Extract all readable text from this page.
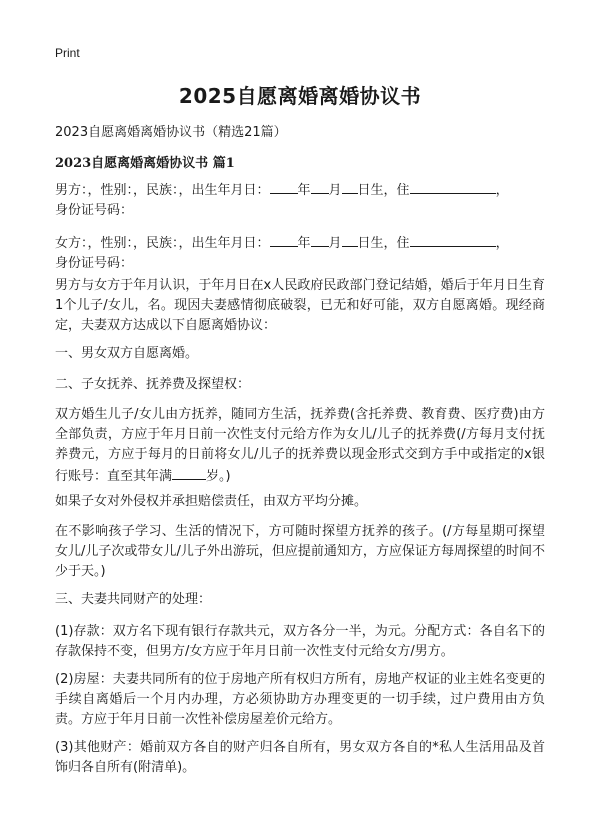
Print
2025自愿离婚离婚协议书
2023自愿离婚离婚协议书（精选21篇）
2023自愿离婚离婚协议书 篇1
男方：，性别：，民族：，出生年月日： 年 月 日生，住	，
身份证号码：
女方：，性别：，民族：，出生年月日： 年 月 日生，住	，
身份证号码：
男方与女方于年月认识，于年月日在x人民政府民政部门登记结婚，婚后于年月日生育1个儿子/女儿，名。现因夫妻感情彻底破裂，已无和好可能，双方自愿离婚。现经商定，夫妻双方达成以下自愿离婚协议：
一、男女双方自愿离婚。
二、子女抚养、抚养费及探望权：
双方婚生儿子/女儿由方抚养，随同方生活，抚养费(含托养费、教育费、医疗费)由方全部负责，方应于年月日前一次性支付元给方作为女儿/儿子的抚养费(/方每月支付抚养费元，方应于每月的日前将女儿/儿子的抚养费以现金形式交到方手中或指定的x银行账号：直至其年满	岁。)
如果子女对外侵权并承担赔偿责任，由双方平均分摊。
在不影响孩子学习、生活的情况下，方可随时探望方抚养的孩子。(/方每星期可探望女儿/儿子次或带女儿/儿子外出游玩，但应提前通知方，方应保证方每周探望的时间不少于天。)
三、夫妻共同财产的处理：
(1)存款：双方名下现有银行存款共元，双方各分一半，为元。分配方式：各自名下的存款保持不变，但男方/女方应于年月日前一次性支付元给女方/男方。
(2)房屋：夫妻共同所有的位于房地产所有权归方所有，房地产权证的业主姓名变更的手续自离婚后一个月内办理，方必须协助方办理变更的一切手续，过户费用由方负责。方应于年月日前一次性补偿房屋差价元给方。
(3)其他财产：婚前双方各自的财产归各自所有，男女双方各自的*私人生活用品及首饰归各自所有(附清单)。
